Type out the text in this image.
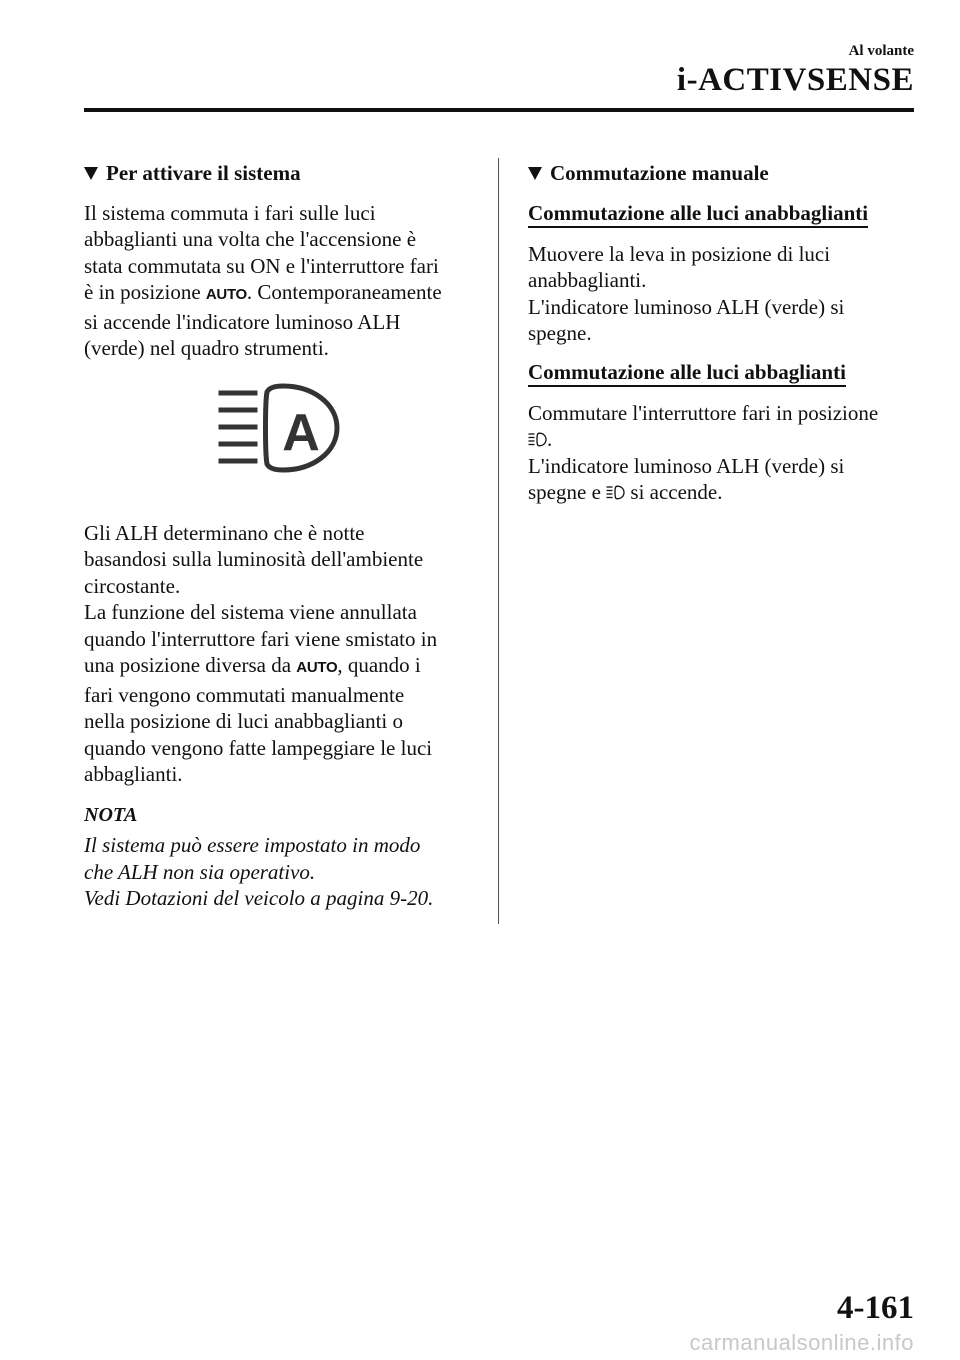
Al volante
i-ACTIVSENSE
Per attivare il sistema
Il sistema commuta i fari sulle luci
abbaglianti una volta che l'accensione è
stata commutata su ON e l'interruttore fari
è in posizione AUTO. Contemporaneamente
si accende l'indicatore luminoso ALH
(verde) nel quadro strumenti.
A
Gli ALH determinano che è notte
basandosi sulla luminosità dell'ambiente
circostante.
La funzione del sistema viene annullata
quando l'interruttore fari viene smistato in
una posizione diversa da AUTO, quando i
fari vengono commutati manualmente
nella posizione di luci anabbaglianti o
quando vengono fatte lampeggiare le luci
abbaglianti.
NOTA

Il sistema può essere impostato in modo
che ALH non sia operativo.
Vedi Dotazioni del veicolo a pagina 9-20.

Commutazione manuale
Commutazione alle luci anabbaglianti
Muovere la leva in posizione di luci
anabbaglianti.
L'indicatore luminoso ALH (verde) si
spegne.
Commutazione alle luci abbaglianti
Commutare l'interruttore fari in posizione
.
L'indicatore luminoso ALH (verde) si
spegne e  si accende.
4-161
carmanualsonline.info
